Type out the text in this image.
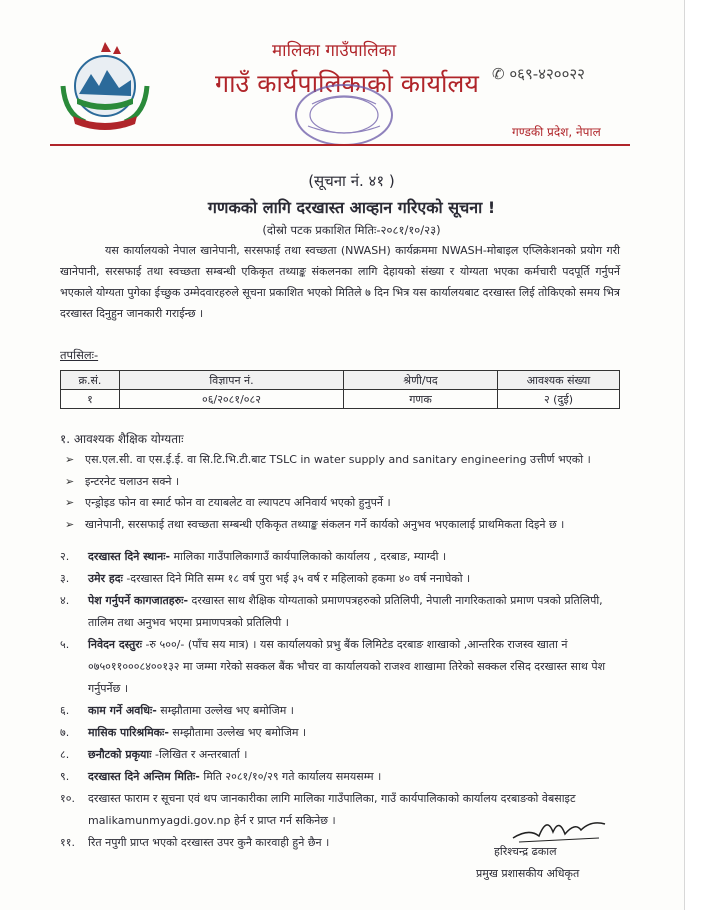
मालिका गाउँपालिका
गाउँ कार्यपालिकाको कार्यालय ✆ ०६९-४२००२२
गण्डकी प्रदेश, नेपाल
(सूचना नं. ४१ )
गणकको लागि दरखास्त आव्हान गरिएको सूचना !
(दोस्रो पटक प्रकाशित मितिः-२०८१/१०/२३)
यस कार्यालयको नेपाल खानेपानी, सरसफाई तथा स्वच्छता (NWASH) कार्यक्रममा NWASH-मोबाइल एप्लिकेशनको प्रयोग गरी खानेपानी, सरसफाई तथा स्वच्छता सम्बन्धी एकिकृत तथ्याङ्क संकलनका लागि देहायको संख्या र योग्यता भएका कर्मचारी पदपूर्ति गर्नुपर्ने भएकाले योग्यता पुगेका ईच्छुक उम्मेदवारहरुले सूचना प्रकाशित भएको मितिले ७ दिन भित्र यस कार्यालयबाट दरखास्त लिई तोकिएको समय भित्र दरखास्त दिनुहुन जानकारी गराईन्छ ।
तपसिलः-
क्र.सं.	विज्ञापन नं.	श्रेणी/पद	आवश्यक संख्या
१	०६/२०८१/०८२	गणक	२ (दुई)
१. आवश्यक शैक्षिक योग्यताः
➢ एस.एल.सी. वा एस.ई.ई. वा सि.टि.भि.टी.बाट TSLC in water supply and sanitary engineering उत्तीर्ण भएको ।
➢ इन्टरनेट चलाउन सक्ने ।
➢ एन्ड्रोइड फोन वा स्मार्ट फोन वा टयाबलेट वा ल्यापटप अनिवार्य भएको हुनुपर्ने ।
➢ खानेपानी, सरसफाई तथा स्वच्छता सम्बन्धी एकिकृत तथ्याङ्क संकलन गर्ने कार्यको अनुभव भएकालाई प्राथमिकता दिइने छ ।
२.	दरखास्त दिने स्थानः- मालिका गाउँपालिकागाउँ कार्यपालिकाको कार्यालय , दरबाङ, म्याग्दी ।
३.	उमेर हदः -दरखास्त दिने मिति सम्म १८ वर्ष पुरा भई ३५ वर्ष र महिलाको हकमा ४० वर्ष ननाघेको ।
४.	पेश गर्नुपर्ने कागजातहरुः- दरखास्त साथ शैक्षिक योग्यताको प्रमाणपत्रहरुको प्रतिलिपी, नेपाली नागरिकताको प्रमाण पत्रको प्रतिलिपी, तालिम तथा अनुभव भएमा प्रमाणपत्रको प्रतिलिपी ।
५.	निवेदन दस्तुरः -रु ५००/- (पाँच सय मात्र) । यस कार्यालयको प्रभु बैंक लिमिटेड दरबाङ शाखाको ,आन्तरिक राजस्व खाता नं ०७५०११०००८४००१३२ मा जम्मा गरेको सक्कल बैंक भौचर वा कार्यालयको राजश्व शाखामा तिरेको सक्कल रसिद दरखास्त साथ पेश गर्नुपर्नेछ ।
६.	काम गर्ने अवधिः- सम्झौतामा उल्लेख भए बमोजिम ।
७.	मासिक पारिश्रमिकः- सम्झौतामा उल्लेख भए बमोजिम ।
८.	छनौटको प्रकृयाः -लिखित र अन्तरबार्ता ।
९.	दरखास्त दिने अन्तिम मितिः- मिति २०८१/१०/२९ गते कार्यालय समयसम्म ।
१०.	दरखास्त फाराम र सूचना एवं थप जानकारीका लागि मालिका गाउँपालिका, गाउँ कार्यपालिकाको कार्यालय दरबाङको वेबसाइट malikamunmyagdi.gov.np हेर्न र प्राप्त गर्न सकिनेछ ।
११.	रित नपुगी प्राप्त भएको दरखास्त उपर कुनै कारवाही हुने छैन ।
हरिश्चन्द्र ढकाल
प्रमुख प्रशासकीय अधिकृत
